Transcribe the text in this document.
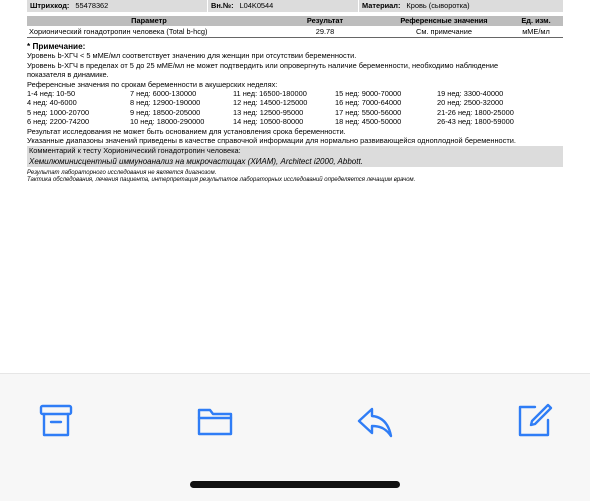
Штрихкод: 55478362	Вн.№: L04K0544	Материал: Кровь (сыворотка)
Параметр	Результат	Референсные значения	Ед. изм.
Хорионический гонадотропин человека (Total b-hcg)	29.78	См. примечание	мМЕ/мл
* Примечание:

Уровень b-ХГЧ < 5 мМЕ/мл соответствует значению для женщин при отсутствии беременности.

Уровень b-ХГЧ в пределах от 5 до 25 мМЕ/мл не может подтвердить или опровергнуть наличие беременности, необходимо наблюдение

показателя в динамике.

Референсные значения по срокам беременности в акушерских неделях:

1-4 нед: 10-50	7 нед: 6000-130000	11 нед: 16500-180000	15 нед: 9000-70000	19 нед: 3300-40000
4 нед: 40-6000	8 нед: 12900-190000	12 нед: 14500-125000	16 нед: 7000-64000	20 нед: 2500-32000
5 нед: 1000-20700	9 нед: 18500-205000	13 нед: 12500-95000	17 нед: 5500-56000	21-26 нед: 1800-25000
6 нед: 2200-74200	10 нед: 18000-290000	14 нед: 10500-80000	18 нед: 4500-50000	26-43 нед: 1800-59000

Результат исследования не может быть основанием для установления срока беременности.

Указанные диапазоны значений приведены в качестве справочной информации для нормально развивающейся одноплодной беременности.

Комментарий к тесту Хорионический гонадотропин человека:

Хемилюминисцентный иммуноанализ на микрочастицах (ХИАМ), Architect i2000, Abbott.

Результат лабораторного исследования не является диагнозом.

Тактика обследования, лечения пациента, интерпретация результатов лабораторных исследований определяется лечащим врачом.
